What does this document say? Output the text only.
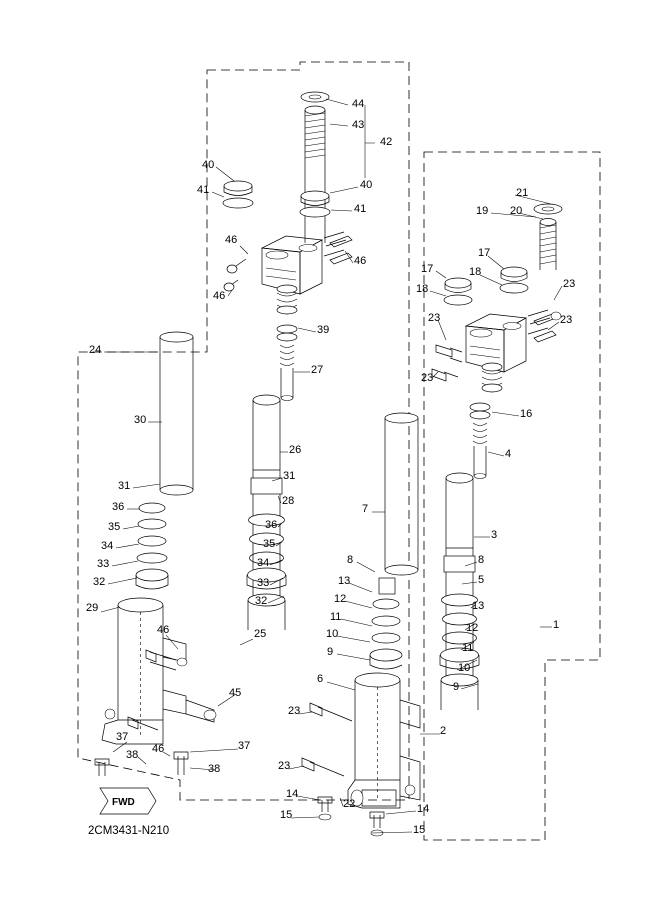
FWD
44
43
42
40
41	40
41
21
19 20
46
46
46
17
17
18
18
23
23
23
23
39
24
27
16
30
4
26
31
31
28
36
36
7
3
35
35
34
34
33
33
32
32
8	8
5
13
13
12
12
11
11
10
10
9
9
29
46	25
1
45
6
23
2
37
37
46
38
38	23
14
22	14
15
15
2CM3431-N210
